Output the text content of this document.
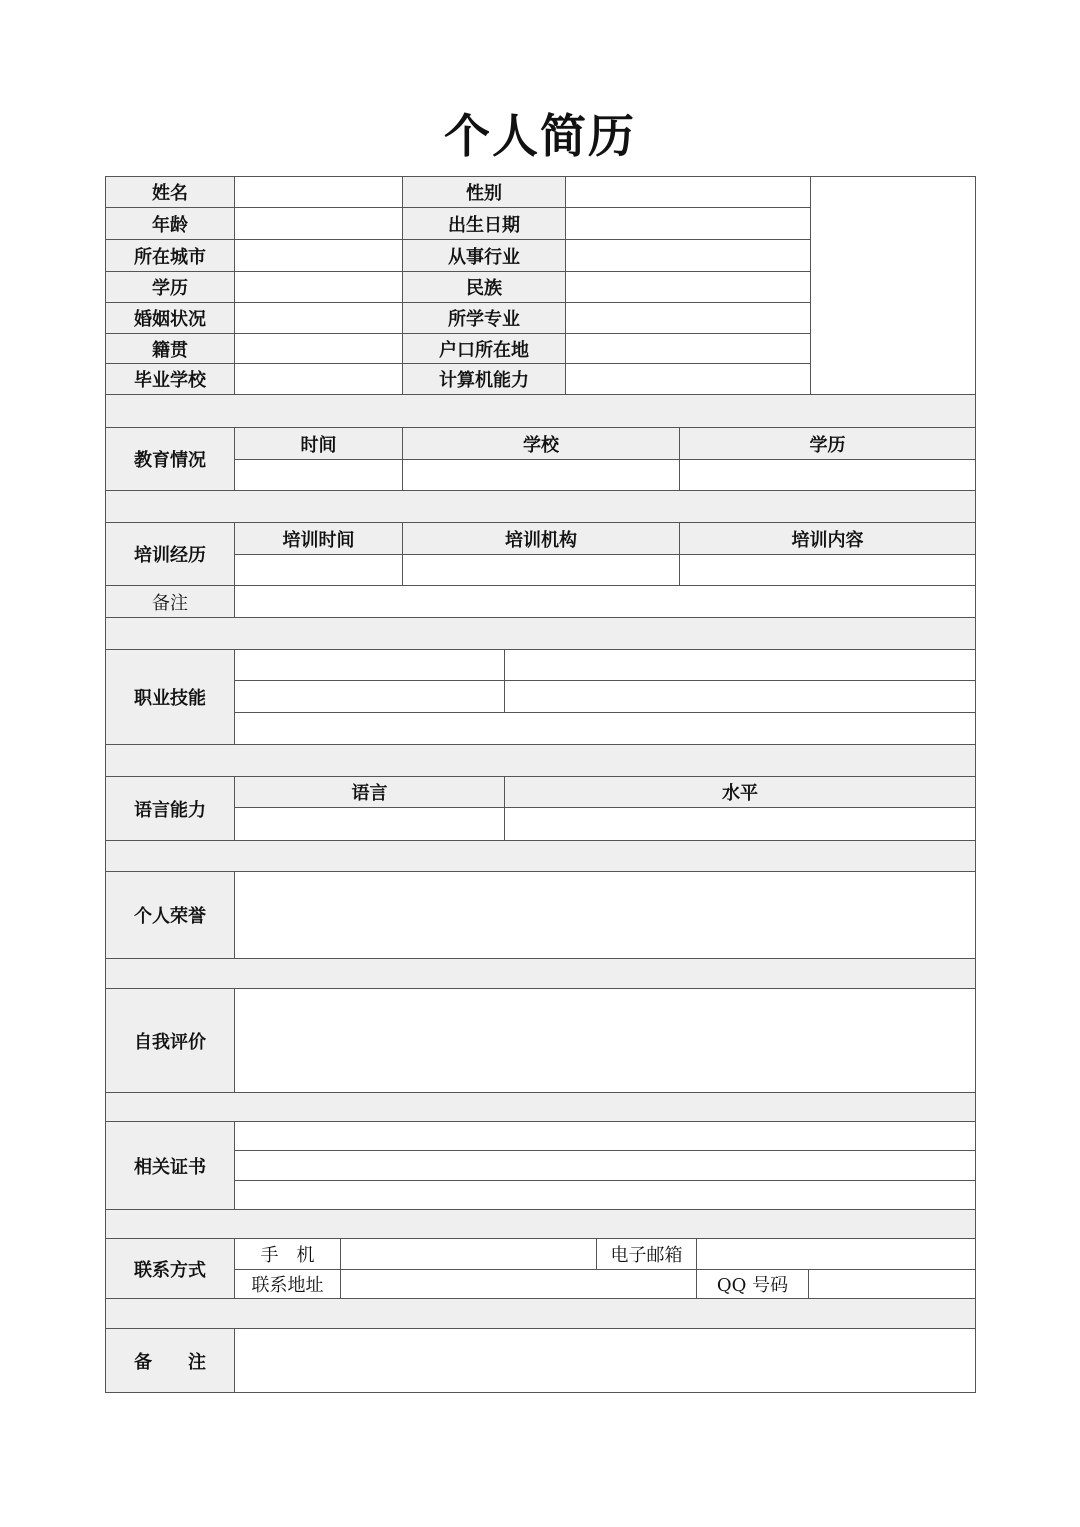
个人简历
姓名	性别
年龄	出生日期
所在城市	从事行业
学历	民族
婚姻状况	所学专业
籍贯	户口所在地
毕业学校	计算机能力
教育情况
时间	学校	学历
培训经历
培训时间	培训机构	培训内容
备注
职业技能
语言能力
语言	水平
个人荣誉
自我评价
相关证书
联系方式
手　机	电子邮箱
联系地址	QQ 号码
备　　注
